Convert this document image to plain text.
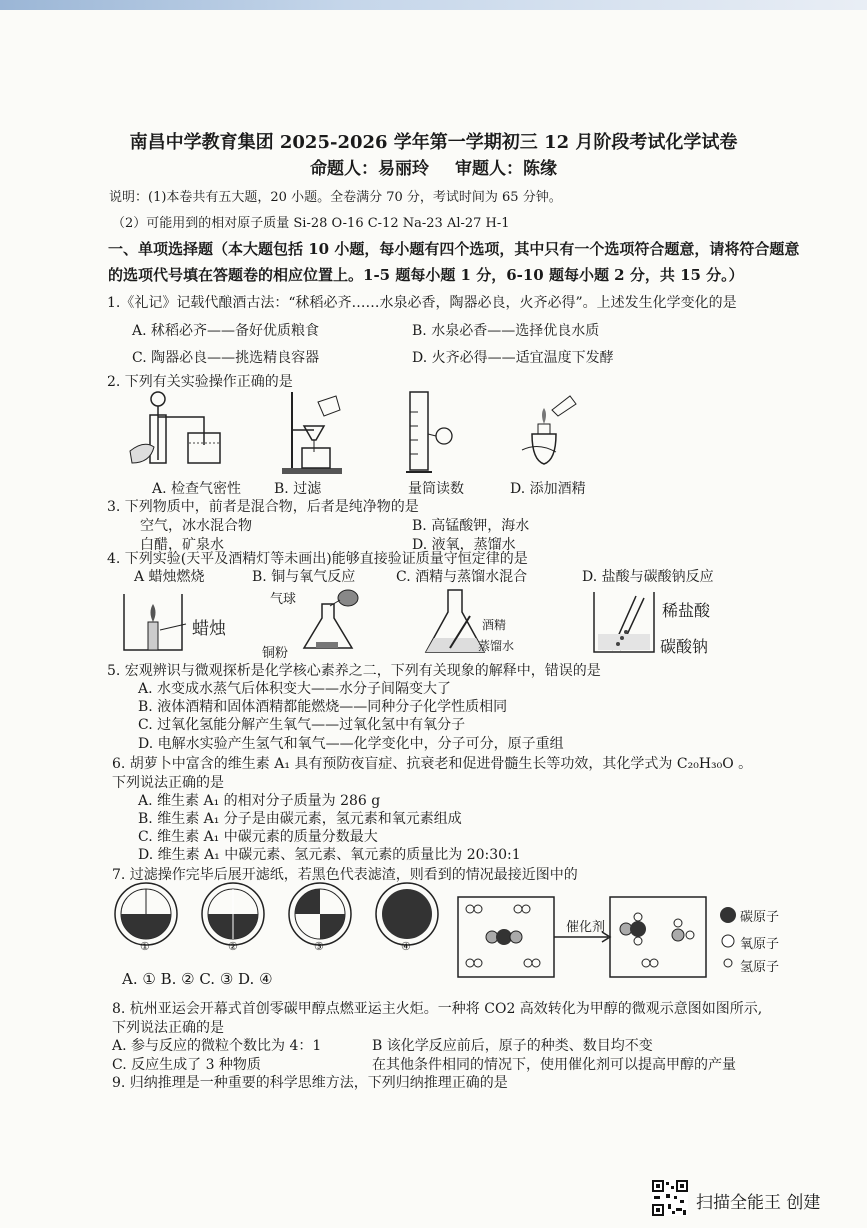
南昌中学教育集团 2025-2026 学年第一学期初三 12 月阶段考试化学试卷
命题人：易丽玲 审题人：陈缘
说明：(1)本卷共有五大题，20 小题。全卷满分 70 分，考试时间为 65 分钟。
（2）可能用到的相对原子质量 Si-28 O-16 C-12 Na-23 Al-27 H-1
一、单项选择题（本大题包括 10 小题，每小题有四个选项，其中只有一个选项符合题意，请将符合题意
的选项代号填在答题卷的相应位置上。1-5 题每小题 1 分，6-10 题每小题 2 分，共 15 分。）
1.《礼记》记载代酿酒古法：“秫稻必齐……水泉必香，陶器必良，火齐必得”。上述发生化学变化的是
A. 秫稻必齐——备好优质粮食	B. 水泉必香——选择优良水质
C. 陶器必良——挑选精良容器	D. 火齐必得——适宜温度下发酵
2. 下列有关实验操作正确的是
A. 检查气密性 B. 过滤	量筒读数	D. 添加酒精
3. 下列物质中，前者是混合物，后者是纯净物的是
空气，冰水混合物	B. 高锰酸钾，海水
白醋，矿泉水	D. 液氧，蒸馏水
4. 下列实验(天平及酒精灯等未画出)能够直接验证质量守恒定律的是
A 蜡烛燃烧	B. 铜与氧气反应	C. 酒精与蒸馏水混合	D. 盐酸与碳酸钠反应
蜡烛
气球
铜粉
酒精
蒸馏水
稀盐酸
碳酸钠
5. 宏观辨识与微观探析是化学核心素养之二，下列有关现象的解释中，错误的是
A. 水变成水蒸气后体积变大——水分子间隔变大了
B. 液体酒精和固体酒精都能燃烧——同种分子化学性质相同
C. 过氧化氢能分解产生氧气——过氧化氢中有氧分子
D. 电解水实验产生氢气和氧气——化学变化中，分子可分，原子重组
6. 胡萝卜中富含的维生素 A₁ 具有预防夜盲症、抗衰老和促进骨髓生长等功效，其化学式为 C₂₀H₃₀O 。
下列说法正确的是
A. 维生素 A₁ 的相对分子质量为 286 g
B. 维生素 A₁ 分子是由碳元素，氢元素和氧元素组成
C. 维生素 A₁ 中碳元素的质量分数最大
D. 维生素 A₁ 中碳元素、氢元素、氧元素的质量比为 20:30:1
7. 过滤操作完毕后展开滤纸，若黑色代表滤渣，则看到的情况最接近图中的
①	②	③	④
A. ① B. ② C. ③ D. ④
催化剂
碳原子
氧原子
氢原子
8. 杭州亚运会开幕式首创零碳甲醇点燃亚运主火炬。一种将 CO2 高效转化为甲醇的微观示意图如图所示,
下列说法正确的是
A. 参与反应的微粒个数比为 4：1	B 该化学反应前后，原子的种类、数目均不变
C. 反应生成了 3 种物质	在其他条件相同的情况下，使用催化剂可以提高甲醇的产量
9. 归纳推理是一种重要的科学思维方法，下列归纳推理正确的是
扫描全能王 创建
